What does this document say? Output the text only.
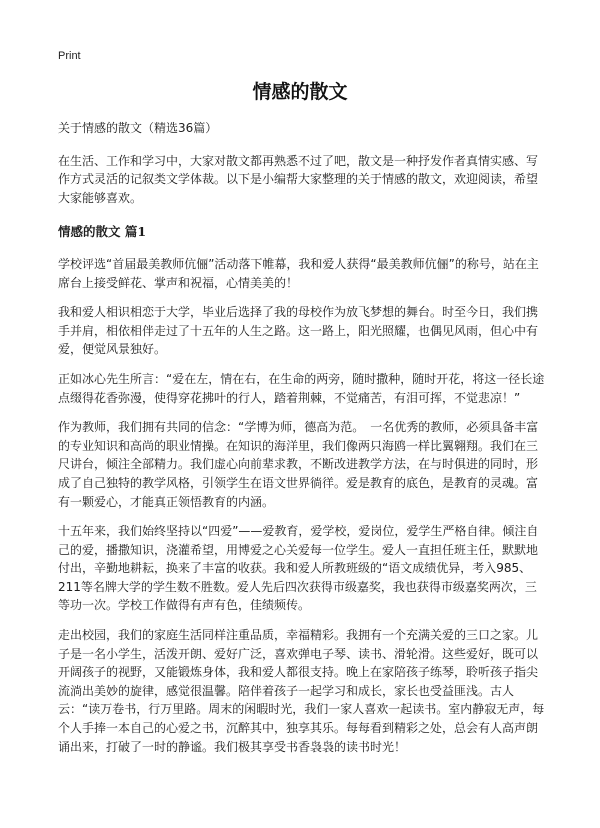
Print
情感的散文

关于情感的散文（精选36篇）

在生活、工作和学习中，大家对散文都再熟悉不过了吧，散文是一种抒发作者真情实感、写作方式灵活的记叙类文学体裁。以下是小编帮大家整理的关于情感的散文，欢迎阅读，希望大家能够喜欢。

情感的散文 篇1

学校评选“首届最美教师伉俪”活动落下帷幕，我和爱人获得“最美教师伉俪”的称号，站在主席台上接受鲜花、掌声和祝福，心情美美的！

我和爱人相识相恋于大学，毕业后选择了我的母校作为放飞梦想的舞台。时至今日，我们携手并肩，相依相伴走过了十五年的人生之路。这一路上，阳光照耀，也偶见风雨，但心中有爱，便觉风景独好。

正如冰心先生所言：“爱在左，情在右，在生命的两旁，随时撒种，随时开花，将这一径长途点缀得花香弥漫，使得穿花拂叶的行人，踏着荆棘，不觉痛苦，有泪可挥，不觉悲凉！”

作为教师，我们拥有共同的信念：“学博为师，德高为范。　一名优秀的教师，必须具备丰富的专业知识和高尚的职业情操。在知识的海洋里，我们像两只海鸥一样比翼翱翔。我们在三尺讲台，倾注全部精力。我们虚心向前辈求教，不断改进教学方法，在与时俱进的同时，形成了自己独特的教学风格，引领学生在语文世界徜徉。爱是教育的底色，是教育的灵魂。富有一颗爱心，才能真正领悟教育的内涵。

十五年来，我们始终坚持以“四爱”——爱教育，爱学校，爱岗位，爱学生严格自律。倾注自己的爱，播撒知识，浇灌希望，用博爱之心关爱每一位学生。爱人一直担任班主任，默默地付出，辛勤地耕耘，换来了丰富的收获。我和爱人所教班级的“语文成绩优异，考入985、211等名牌大学的学生数不胜数。爱人先后四次获得市级嘉奖，我也获得市级嘉奖两次，三等功一次。学校工作做得有声有色，佳绩频传。

走出校园，我们的家庭生活同样注重品质，幸福精彩。我拥有一个充满关爱的三口之家。儿子是一名小学生，活泼开朗、爱好广泛，喜欢弹电子琴、读书、滑轮滑。这些爱好，既可以开阔孩子的视野，又能锻炼身体，我和爱人都很支持。晚上在家陪孩子练琴，聆听孩子指尖流淌出美妙的旋律，感觉很温馨。陪伴着孩子一起学习和成长，家长也受益匪浅。古人云：“读万卷书，行万里路。周末的闲暇时光，我们一家人喜欢一起读书。室内静寂无声，每个人手捧一本自己的心爱之书，沉醉其中，独享其乐。每每看到精彩之处，总会有人高声朗诵出来，打破了一时的静谧。我们极其享受书香袅袅的读书时光！
